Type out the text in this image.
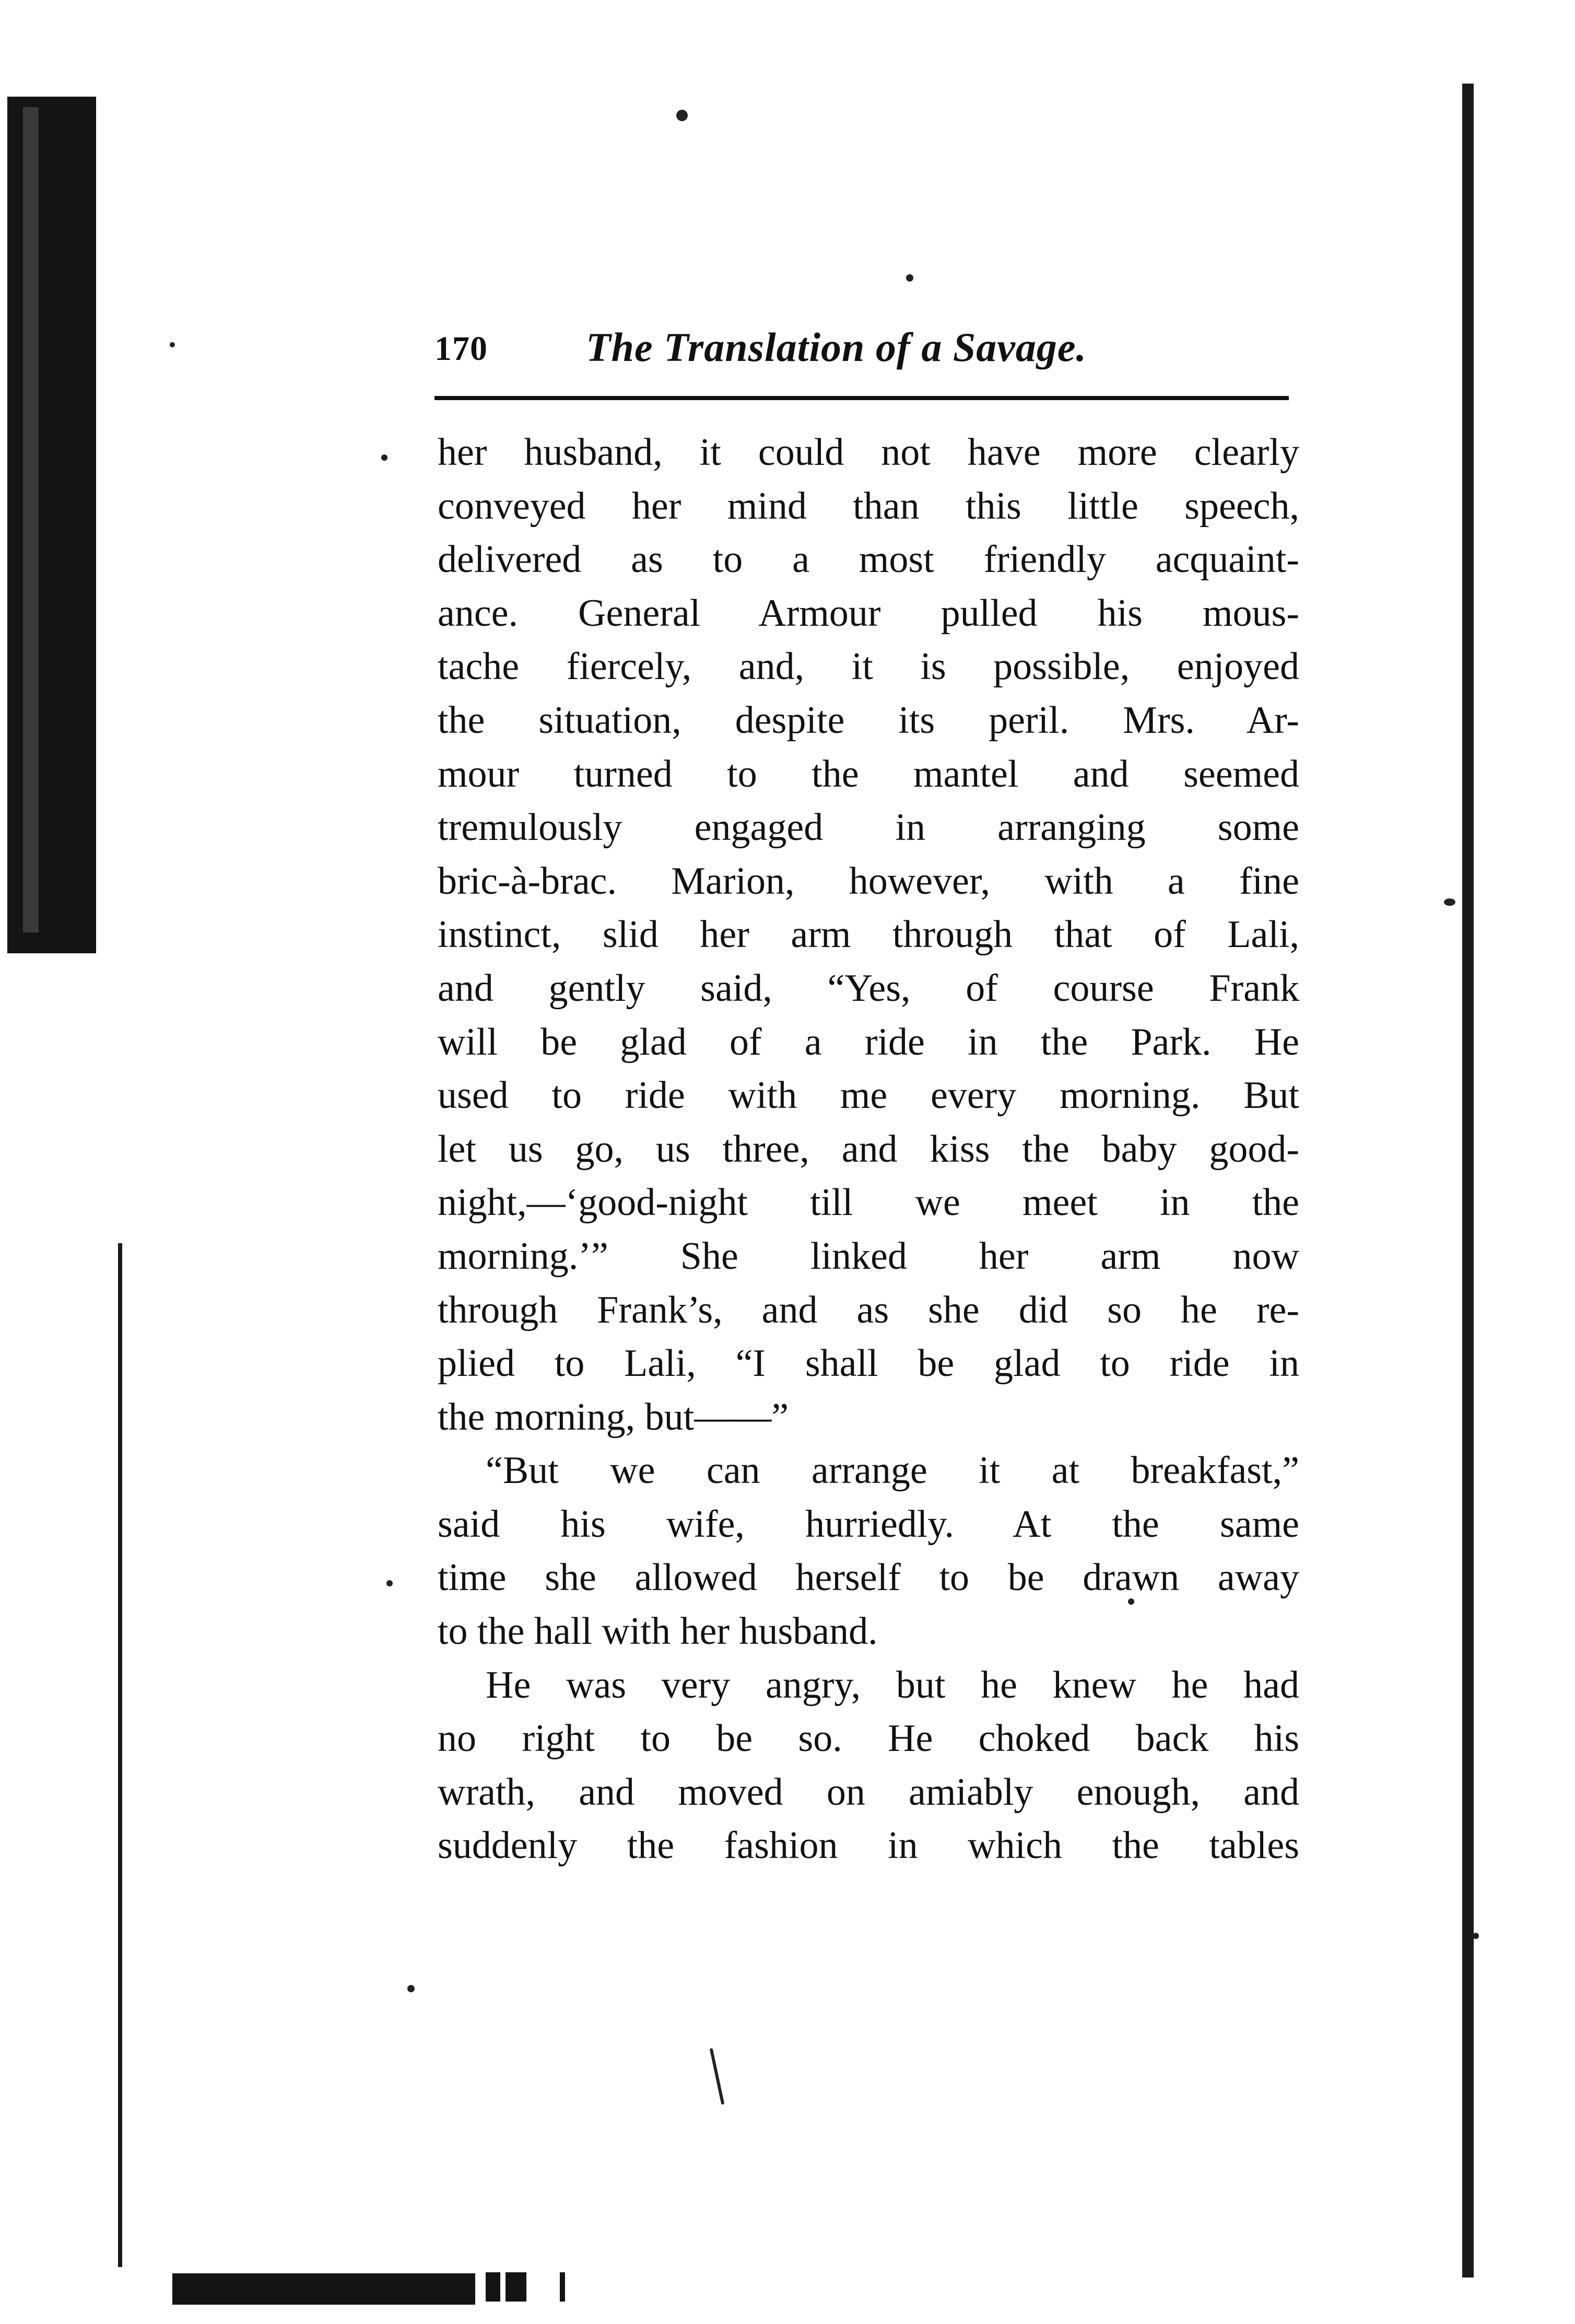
170 The Translation of a Savage.
her husband, it could not have more clearly
conveyed her mind than this little speech,
delivered as to a most friendly acquaint-
ance. General Armour pulled his mous-
tache fiercely, and, it is possible, enjoyed
the situation, despite its peril. Mrs. Ar-
mour turned to the mantel and seemed
tremulously engaged in arranging some
bric-à-brac. Marion, however, with a fine
instinct, slid her arm through that of Lali,
and gently said, “Yes, of course Frank
will be glad of a ride in the Park. He
used to ride with me every morning. But
let us go, us three, and kiss the baby good-
night,—‘good-night till we meet in the
morning.’” She linked her arm now
through Frank’s, and as she did so he re-
plied to Lali, “I shall be glad to ride in
the morning, but——”
“But we can arrange it at breakfast,”
said his wife, hurriedly. At the same
time she allowed herself to be drawn away
to the hall with her husband.
He was very angry, but he knew he had
no right to be so. He choked back his
wrath, and moved on amiably enough, and
suddenly the fashion in which the tables
